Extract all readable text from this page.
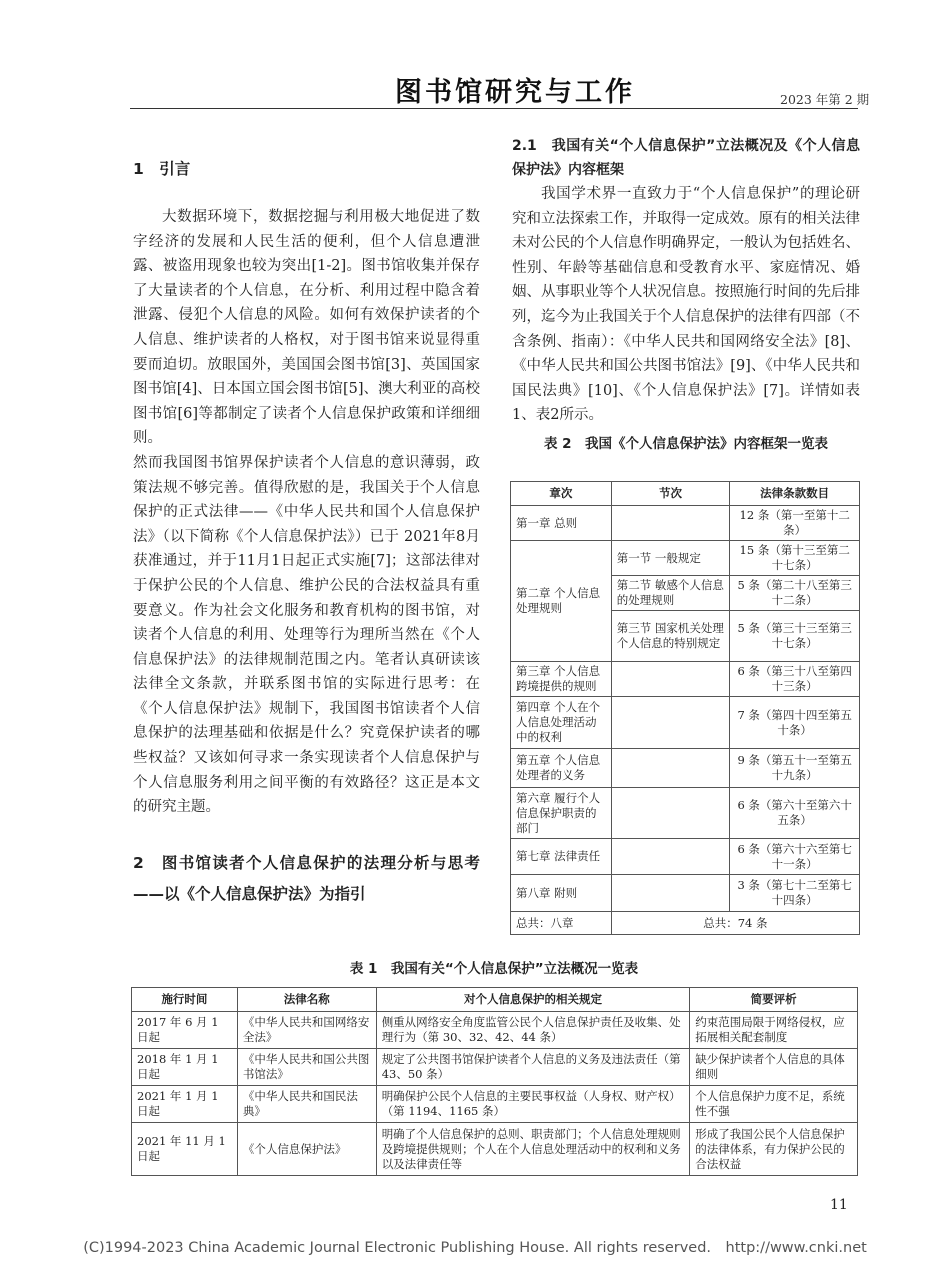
图书馆研究与工作	2023 年第 2 期
1　引言
大数据环境下，数据挖掘与利用极大地促进了数字经济的发展和人民生活的便利，但个人信息遭泄露、被盗用现象也较为突出[1-2]。图书馆收集并保存了大量读者的个人信息，在分析、利用过程中隐含着泄露、侵犯个人信息的风险。如何有效保护读者的个人信息、维护读者的人格权，对于图书馆来说显得重要而迫切。放眼国外，美国国会图书馆[3]、英国国家图书馆[4]、日本国立国会图书馆[5]、澳大利亚的高校图书馆[6]等都制定了读者个人信息保护政策和详细细则。
然而我国图书馆界保护读者个人信息的意识薄弱，政策法规不够完善。值得欣慰的是，我国关于个人信息保护的正式法律——《中华人民共和国个人信息保护法》（以下简称《个人信息保护法》）已于 2021年8月获准通过，并于11月1日起正式实施[7]；这部法律对于保护公民的个人信息、维护公民的合法权益具有重要意义。作为社会文化服务和教育机构的图书馆，对读者个人信息的利用、处理等行为理所当然在《个人信息保护法》的法律规制范围之内。笔者认真研读该法律全文条款，并联系图书馆的实际进行思考：在《个人信息保护法》规制下，我国图书馆读者个人信息保护的法理基础和依据是什么？究竟保护读者的哪些权益？又该如何寻求一条实现读者个人信息保护与个人信息服务利用之间平衡的有效路径？这正是本文的研究主题。
2　图书馆读者个人信息保护的法理分析与思考——以《个人信息保护法》为指引
2.1　我国有关“个人信息保护”立法概况及《个人信息保护法》内容框架
我国学术界一直致力于“个人信息保护”的理论研究和立法探索工作，并取得一定成效。原有的相关法律未对公民的个人信息作明确界定，一般认为包括姓名、性别、年龄等基础信息和受教育水平、家庭情况、婚姻、从事职业等个人状况信息。按照施行时间的先后排列，迄今为止我国关于个人信息保护的法律有四部（不含条例、指南）：《中华人民共和国网络安全法》[8]、《中华人民共和国公共图书馆法》[9]、《中华人民共和国民法典》[10]、《个人信息保护法》[7]。详情如表1、表2所示。
表 2　我国《个人信息保护法》内容框架一览表
章次	节次	法律条款数目
第一章 总则		12 条（第一至第十二条）
第二章 个人信息处理规则	第一节 一般规定	15 条（第十三至第二十七条）
	第二节 敏感个人信息的处理规则	5 条（第二十八至第三十二条）
	第三节 国家机关处理个人信息的特别规定	5 条（第三十三至第三十七条）
第三章 个人信息跨境提供的规则		6 条（第三十八至第四十三条）
第四章 个人在个人信息处理活动中的权利		7 条（第四十四至第五十条）
第五章 个人信息处理者的义务		9 条（第五十一至第五十九条）
第六章 履行个人信息保护职责的部门		6 条（第六十至第六十五条）
第七章 法律责任		6 条（第六十六至第七十一条）
第八章 附则		3 条（第七十二至第七十四条）
总共：八章	总共：74 条	
表 1　我国有关“个人信息保护”立法概况一览表
施行时间	法律名称	对个人信息保护的相关规定	简要评析
2017 年 6 月 1 日起	《中华人民共和国网络安全法》	侧重从网络安全角度监管公民个人信息保护责任及收集、处理行为（第 30、32、42、44 条）	约束范围局限于网络侵权，应拓展相关配套制度
2018 年 1 月 1 日起	《中华人民共和国公共图书馆法》	规定了公共图书馆保护读者个人信息的义务及违法责任（第 43、50 条）	缺少保护读者个人信息的具体细则
2021 年 1 月 1 日起	《中华人民共和国民法典》	明确保护公民个人信息的主要民事权益（人身权、财产权）（第 1194、1165 条）	个人信息保护力度不足，系统性不强
2021 年 11 月 1 日起	《个人信息保护法》	明确了个人信息保护的总则、职责部门；个人信息处理规则及跨境提供规则；个人在个人信息处理活动中的权利和义务以及法律责任等	形成了我国公民个人信息保护的法律体系，有力保护公民的合法权益
11
(C)1994-2023 China Academic Journal Electronic Publishing House. All rights reserved.　http://www.cnki.net
